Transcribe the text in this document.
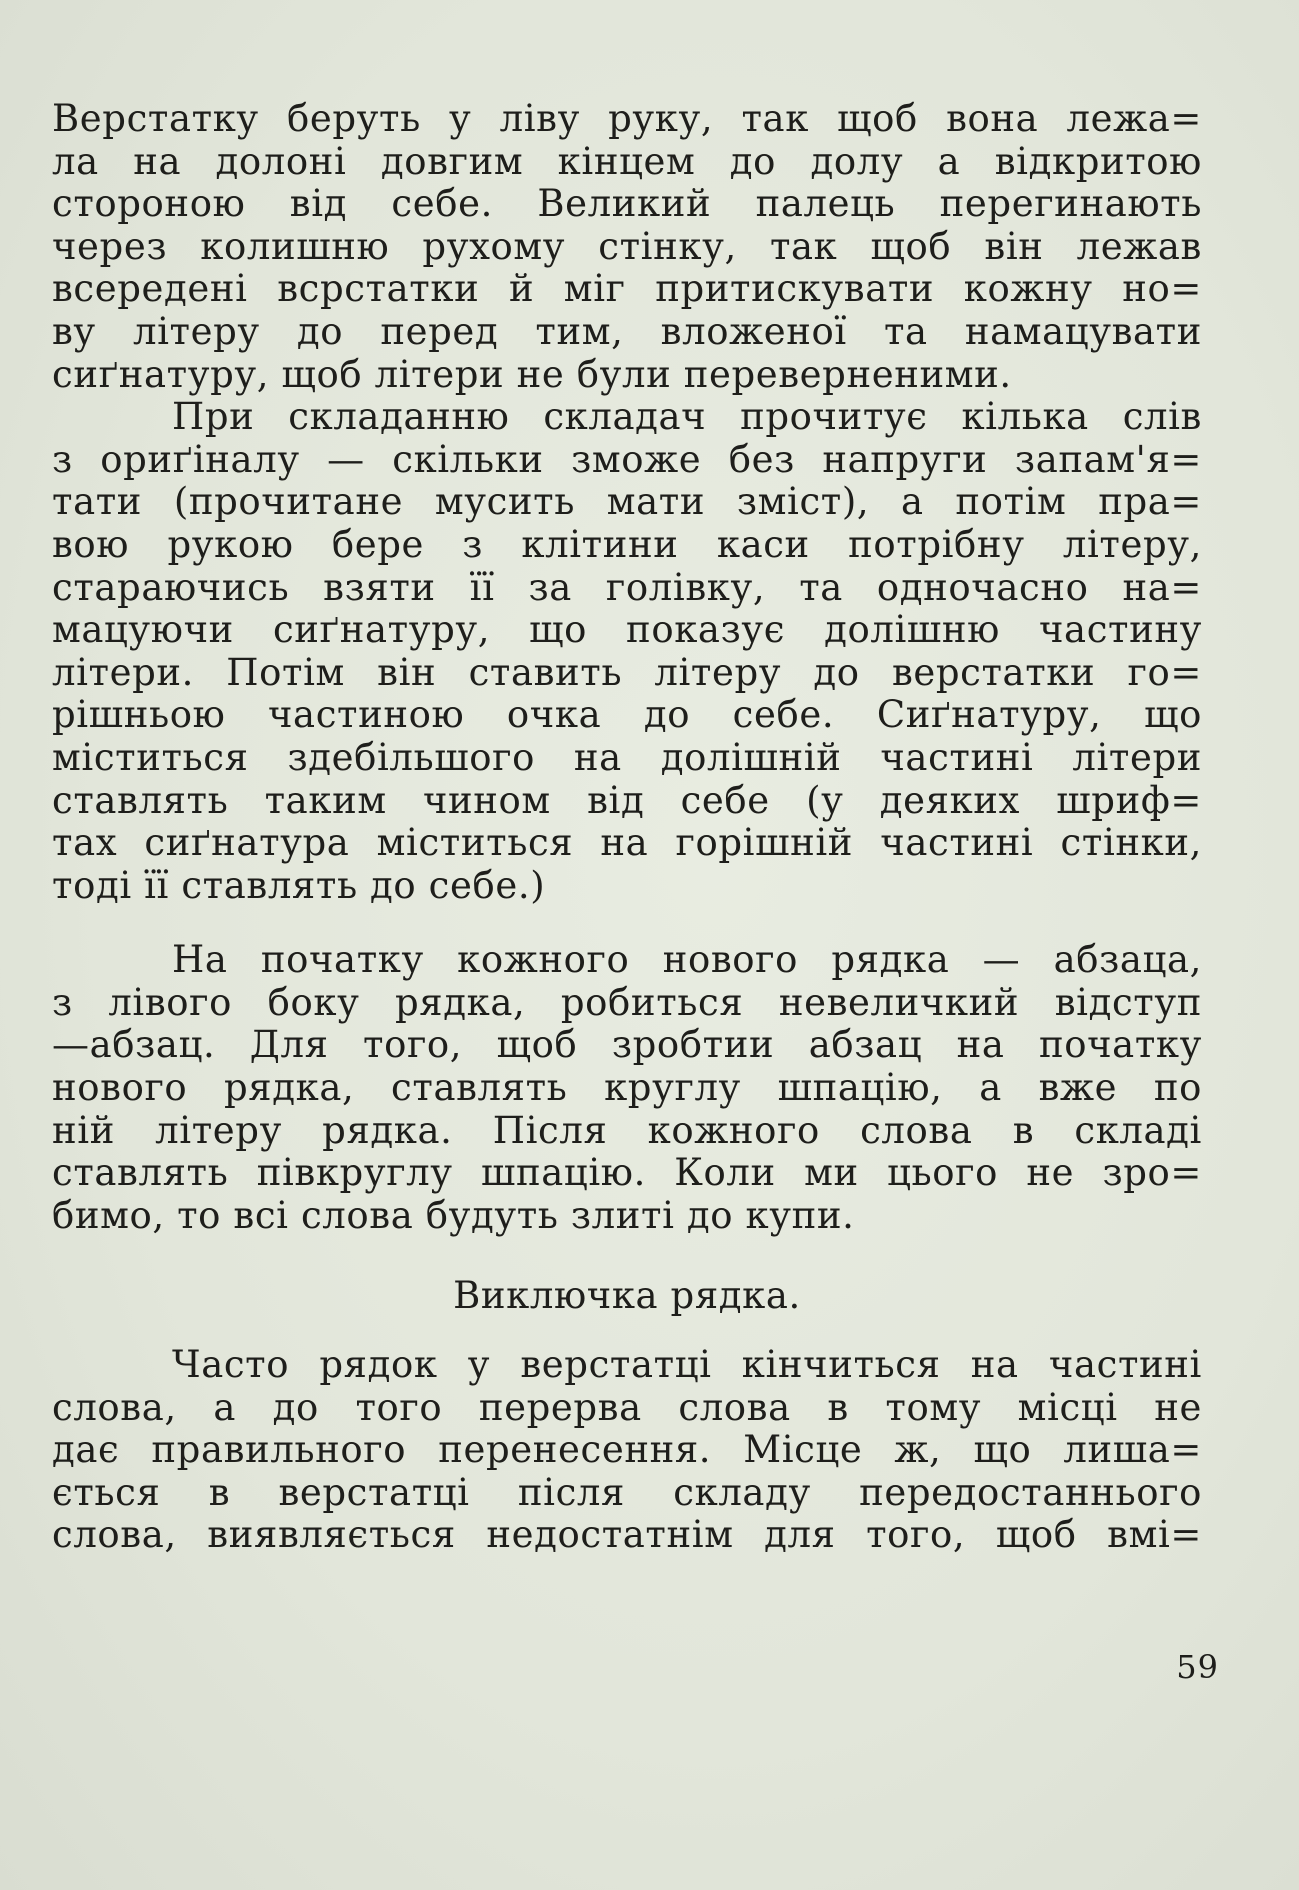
Верстатку беруть у ліву руку, так щоб вона лежа=
ла на долоні довгим кінцем до долу а відкритою
стороною від себе. Великий палець перегинають
через колишню рухому стінку, так щоб він лежав
всередені всрстатки й міг притискувати кожну но=
ву літеру до перед тим, вложеної та намацувати
сиґнатуру, щоб літери не були переверненими.
При складанню складач прочитує кілька слів
з ориґіналу — скільки зможе без напруги запам'я=
тати (прочитане мусить мати зміст), а потім пра=
вою рукою бере з клітини каси потрібну літеру,
стараючись взяти її за голівку, та одночасно на=
мацуючи сиґнатуру, що показує долішню частину
літери. Потім він ставить літеру до верстатки го=
рішньою частиною очка до себе. Сиґнатуру, що
міститься здебільшого на долішній частині літери
ставлять таким чином від себе (у деяких шриф=
тах сиґнатура міститься на горішній частині стінки,
тоді її ставлять до себе.)
На початку кожного нового рядка — абзаца,
з лівого боку рядка, робиться невеличкий відступ
—абзац. Для того, щоб зробтии абзац на початку
нового рядка, ставлять круглу шпацію, а вже по
ній літеру рядка. Після кожного слова в складі
ставлять півкруглу шпацію. Коли ми цього не зро=
бимо, то всі слова будуть злиті до купи.
Виключка рядка.
Часто рядок у верстатці кінчиться на частині
слова, а до того перерва слова в тому місці не
дає правильного перенесення. Місце ж, що лиша=
ється в верстатці після складу передостаннього
слова, виявляється недостатнім для того, щоб вмі=
59
